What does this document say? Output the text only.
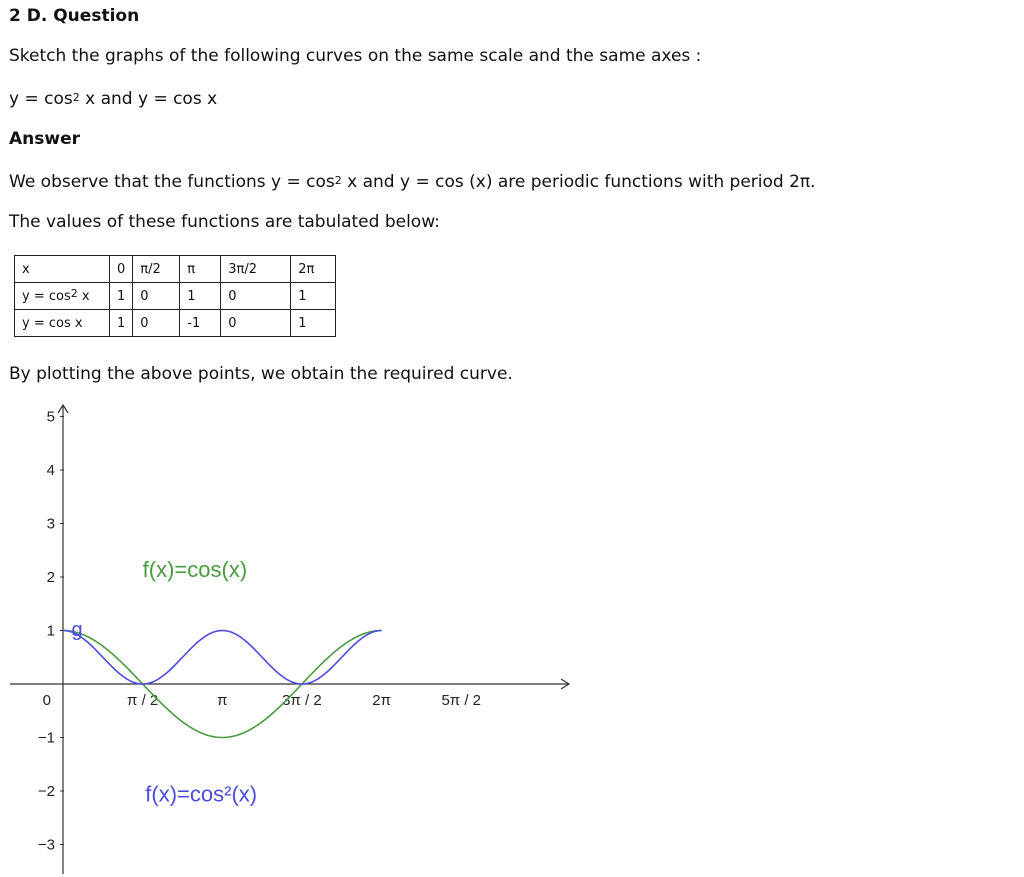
2 D. Question
Sketch the graphs of the following curves on the same scale and the same axes :
$y = \cos^2 x$ and y = cos x
Answer
We observe that the functions $y = \cos^2 x$ and y = cos (x) are periodic functions with period 2π.
The values of these functions are tabulated below:
x	0	π/2	π	3π/2	2π
$y = \cos^2 x$	1	0	1	0	1
y = cos x	1	0	-1	0	1
By plotting the above points, we obtain the required curve.
5
4
3
2
1
−1
−2
−3
0	π / 2	π	3π / 2	2π	5π / 2
f(x)=cos(x)
f(x)=cos²(x)
g
